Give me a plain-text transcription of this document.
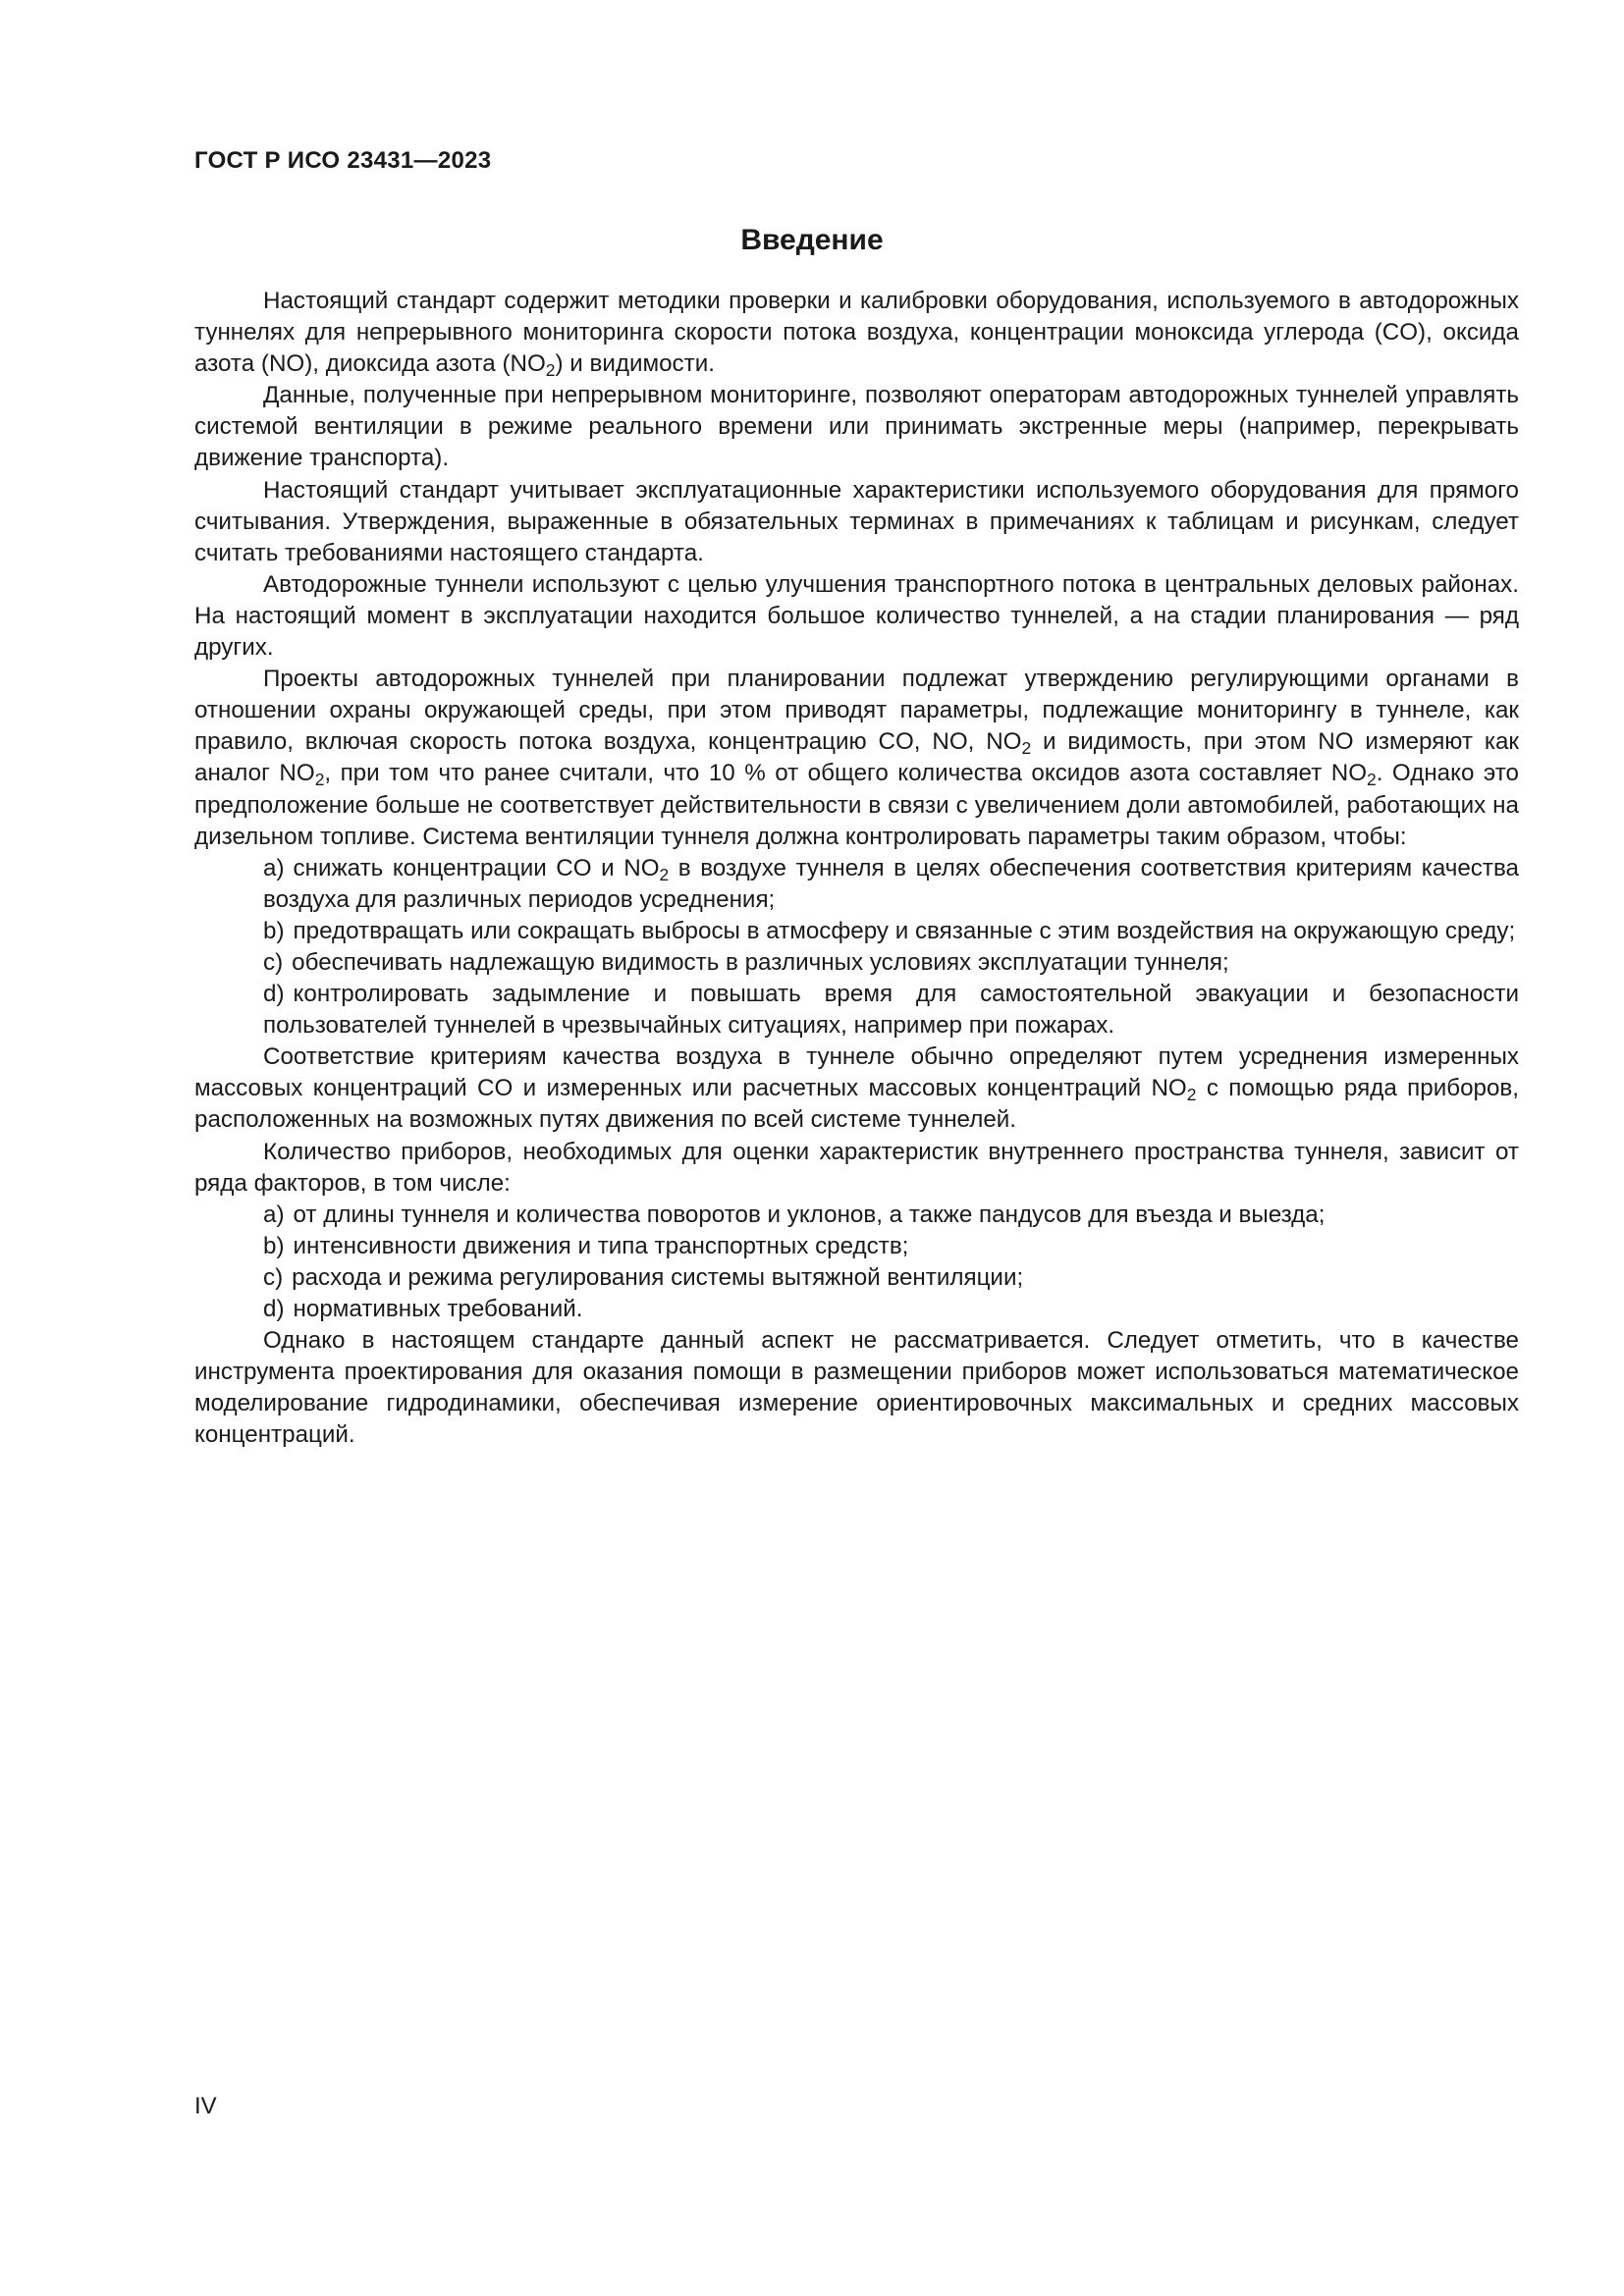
ГОСТ Р ИСО 23431—2023
Введение

Настоящий стандарт содержит методики проверки и калибровки оборудования, используемого в автодорожных туннелях для непрерывного мониторинга скорости потока воздуха, концентрации моноксида углерода (CO), оксида азота (NO), диоксида азота $(NO_2)$ и видимости.

Данные, полученные при непрерывном мониторинге, позволяют операторам автодорожных туннелей управлять системой вентиляции в режиме реального времени или принимать экстренные меры (например, перекрывать движение транспорта).

Настоящий стандарт учитывает эксплуатационные характеристики используемого оборудования для прямого считывания. Утверждения, выраженные в обязательных терминах в примечаниях к таблицам и рисункам, следует считать требованиями настоящего стандарта.

Автодорожные туннели используют с целью улучшения транспортного потока в центральных деловых районах. На настоящий момент в эксплуатации находится большое количество туннелей, а на стадии планирования — ряд других.

Проекты автодорожных туннелей при планировании подлежат утверждению регулирующими органами в отношении охраны окружающей среды, при этом приводят параметры, подлежащие мониторингу в туннеле, как правило, включая скорость потока воздуха, концентрацию CO, NO, $NO_2$ и видимость, при этом NO измеряют как аналог $NO_2$, при том что ранее считали, что 10 % от общего количества оксидов азота составляет $NO_2$. Однако это предположение больше не соответствует действительности в связи с увеличением доли автомобилей, работающих на дизельном топливе. Система вентиляции туннеля должна контролировать параметры таким образом, чтобы:

a) снижать концентрации CO и $NO_2$ в воздухе туннеля в целях обеспечения соответствия критериям качества воздуха для различных периодов усреднения;

b) предотвращать или сокращать выбросы в атмосферу и связанные с этим воздействия на окружающую среду;

c) обеспечивать надлежащую видимость в различных условиях эксплуатации туннеля;

d) контролировать задымление и повышать время для самостоятельной эвакуации и безопасности пользователей туннелей в чрезвычайных ситуациях, например при пожарах.

Соответствие критериям качества воздуха в туннеле обычно определяют путем усреднения измеренных массовых концентраций CO и измеренных или расчетных массовых концентраций $NO_2$ с помощью ряда приборов, расположенных на возможных путях движения по всей системе туннелей.

Количество приборов, необходимых для оценки характеристик внутреннего пространства туннеля, зависит от ряда факторов, в том числе:

a) от длины туннеля и количества поворотов и уклонов, а также пандусов для въезда и выезда;

b) интенсивности движения и типа транспортных средств;

c) расхода и режима регулирования системы вытяжной вентиляции;

d) нормативных требований.

Однако в настоящем стандарте данный аспект не рассматривается. Следует отметить, что в качестве инструмента проектирования для оказания помощи в размещении приборов может использоваться математическое моделирование гидродинамики, обеспечивая измерение ориентировочных максимальных и средних массовых концентраций.

IV
